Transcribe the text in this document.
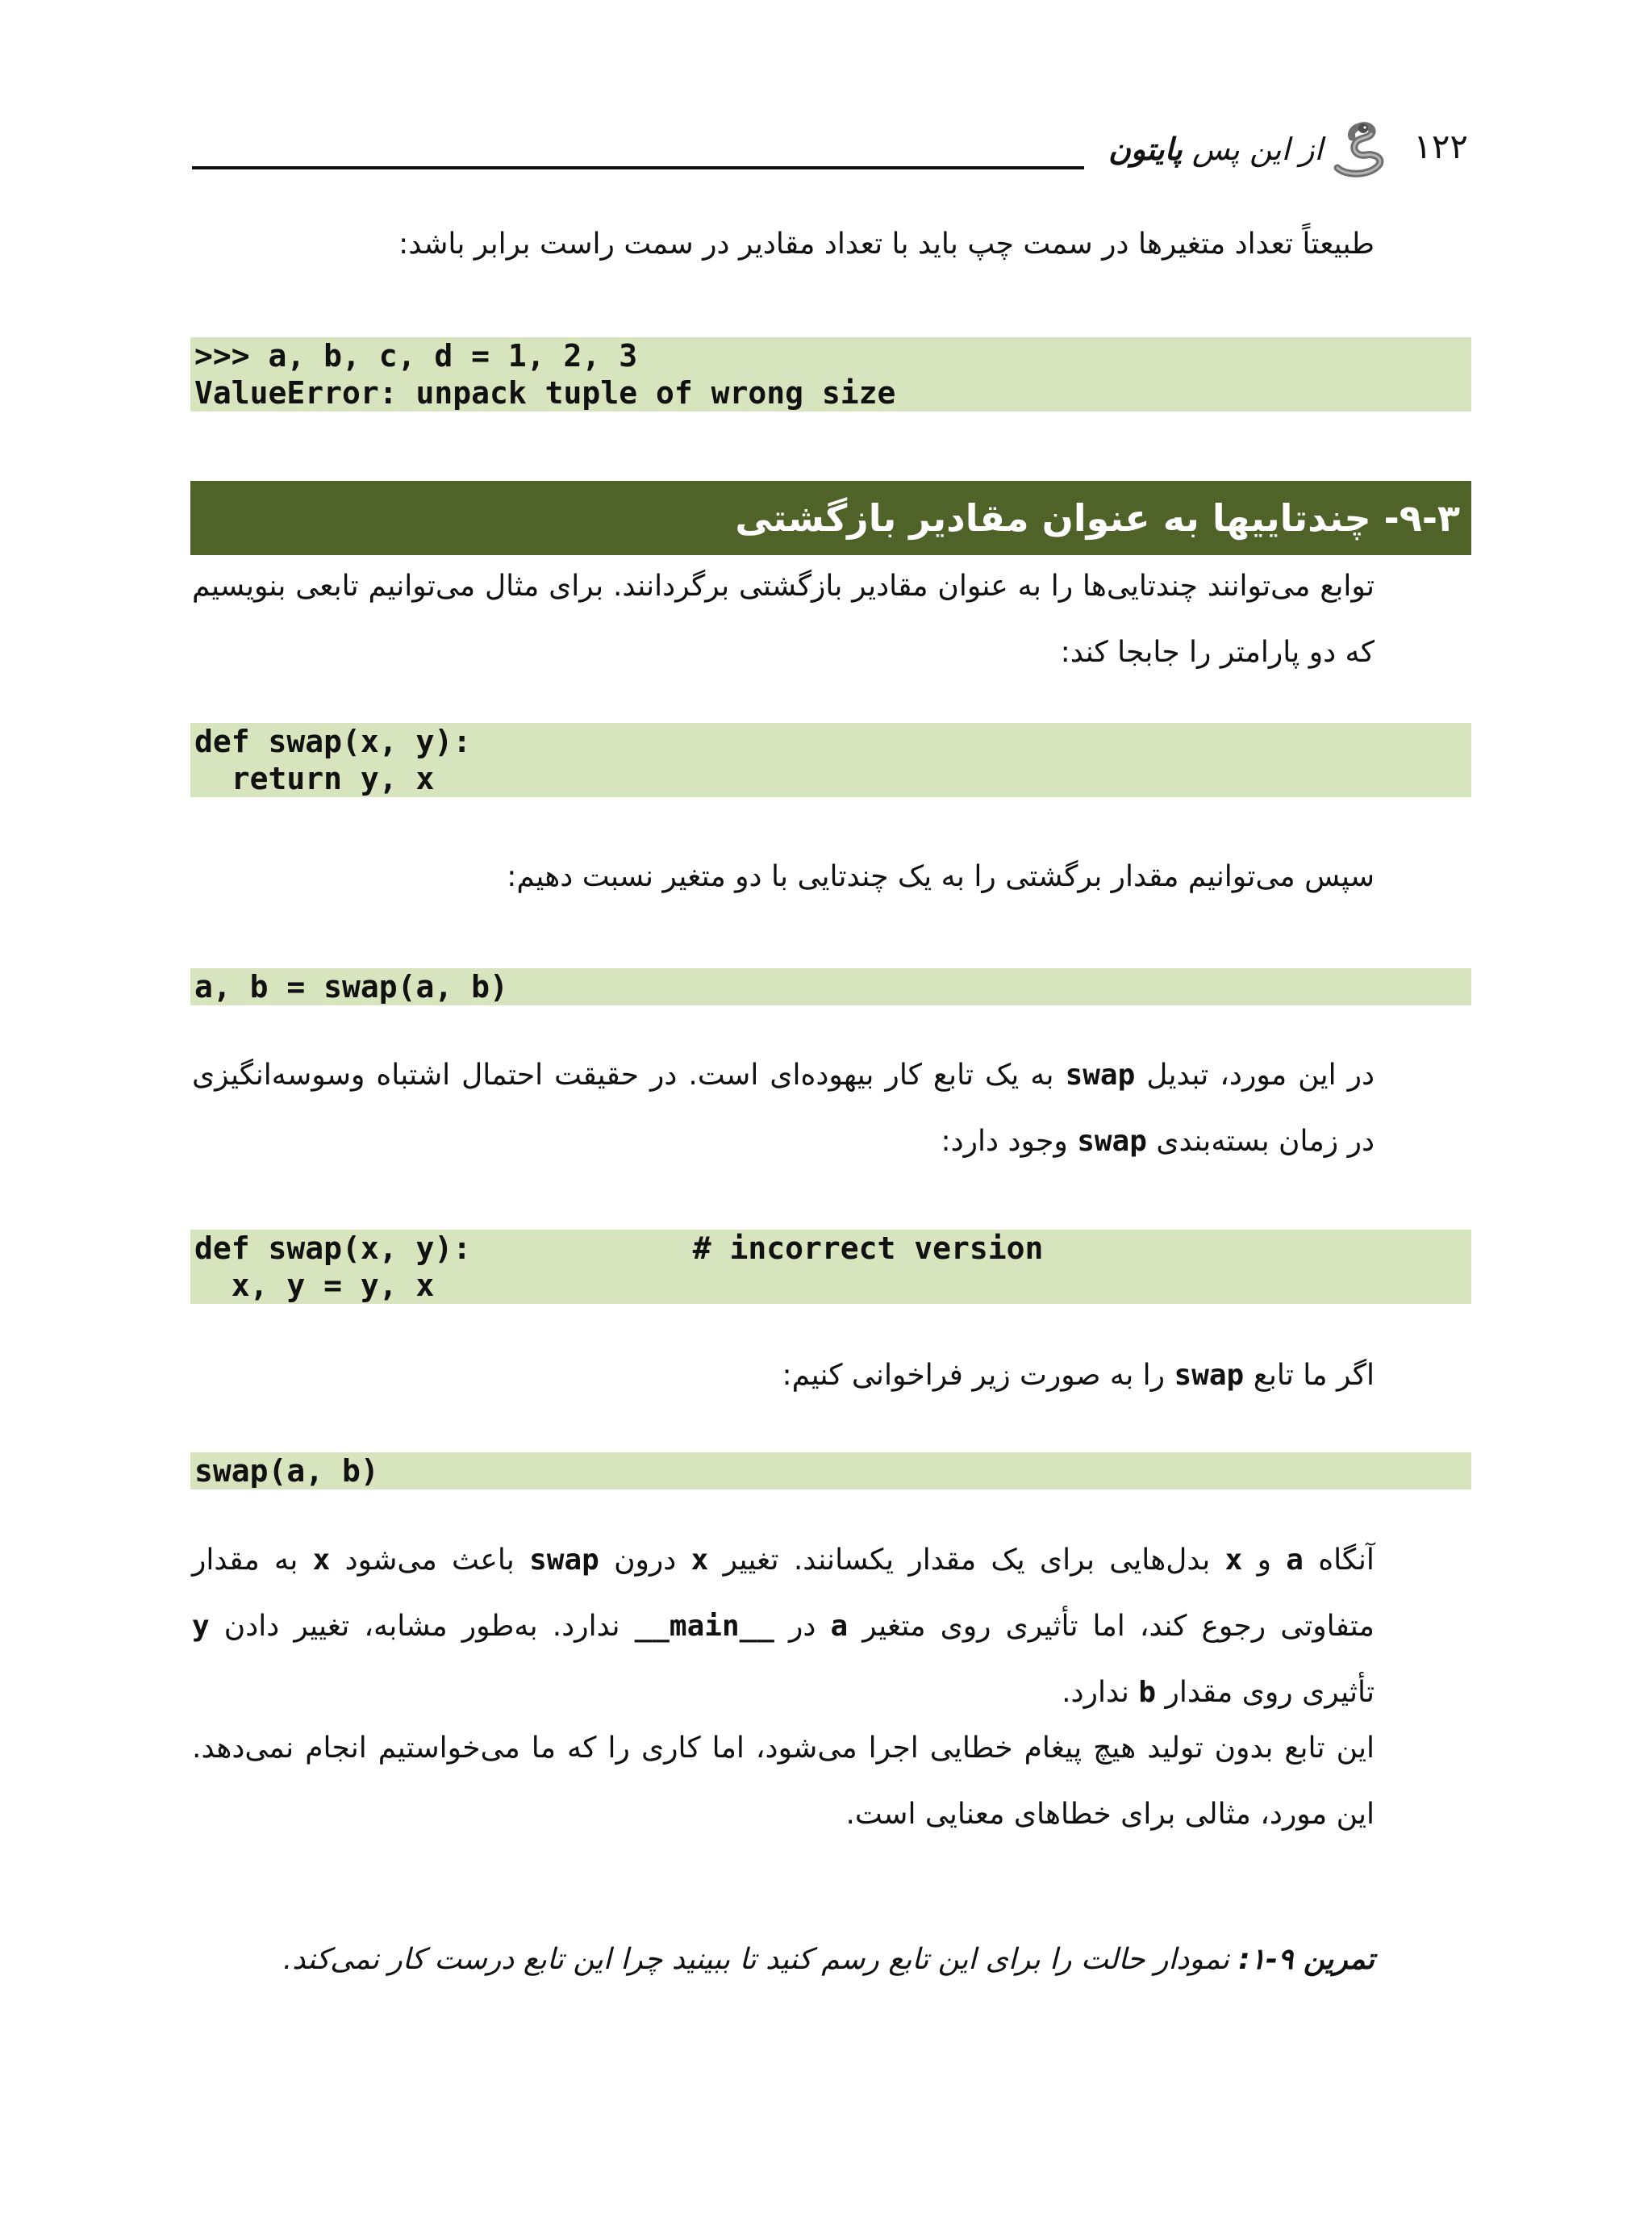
از این پس پایتون	۱۲۲

طبیعتاً تعداد متغیرها در سمت چپ باید با تعداد مقادیر در سمت راست برابر باشد:

>>> a, b, c, d = 1, 2, 3
ValueError: unpack tuple of wrong size
۹-۳- چندتاییها به عنوان مقادیر بازگشتی

توابع می‌توانند چندتایی‌ها را به عنوان مقادیر بازگشتی برگردانند. برای مثال می‌توانیم تابعی بنویسیم که دو پارامتر را جابجا کند:

def swap(x, y):
return y, x

سپس می‌توانیم مقدار برگشتی را به یک چندتایی با دو متغیر نسبت دهیم:

a, b = swap(a, b)

در این مورد، تبدیل swap به یک تابع کار بیهوده‌ای است. در حقیقت احتمال اشتباه وسوسه‌انگیزی در زمان بسته‌بندی swap وجود دارد:

def swap(x, y):            # incorrect version
x, y = y, x

اگر ما تابع swap را به صورت زیر فراخوانی کنیم:

swap(a, b)

آنگاه a و x بدل‌هایی برای یک مقدار یکسانند. تغییر x درون swap باعث می‌شود x به مقدار متفاوتی رجوع کند، اما تأثیری روی متغیر a در __main__ ندارد. به‌طور مشابه، تغییر دادن y تأثیری روی مقدار b ندارد.

این تابع بدون تولید هیچ پیغام خطایی اجرا می‌شود، اما کاری را که ما می‌خواستیم انجام نمی‌دهد. این مورد، مثالی برای خطاهای معنایی است.

تمرین ۹-۱: نمودار حالت را برای این تابع رسم کنید تا ببینید چرا این تابع درست کار نمی‌کند.
